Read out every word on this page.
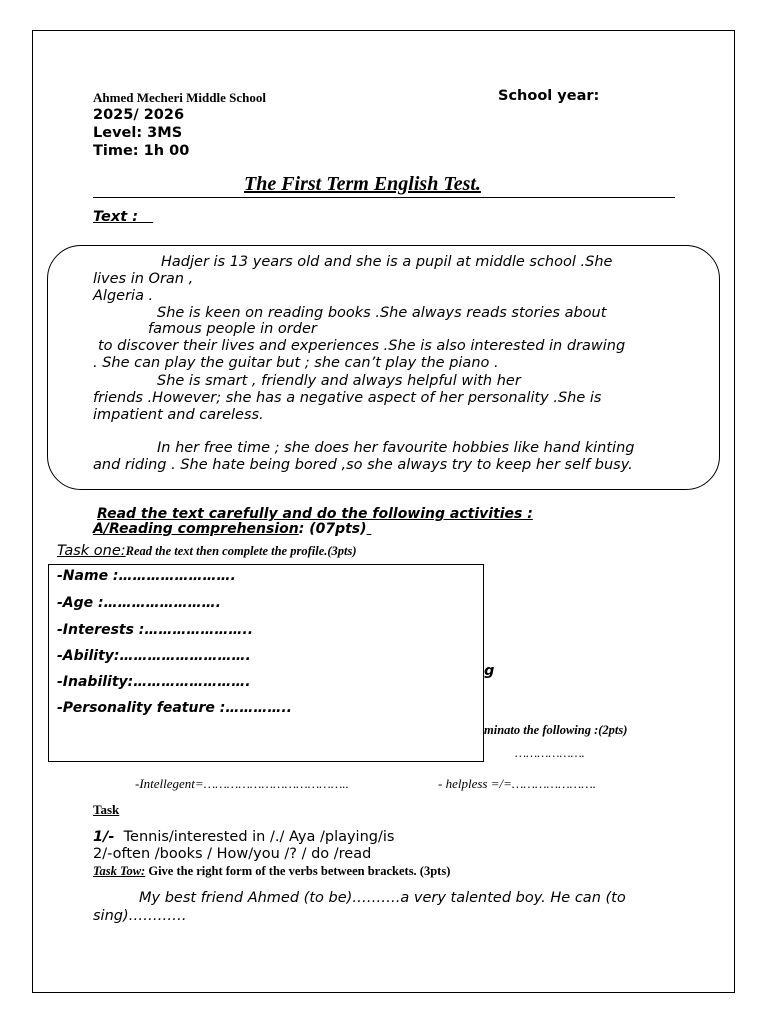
Ahmed Mecheri Middle School	School year:
2025/ 2026
Level: 3MS
Time: 1h 00
The First Term English Test.
Text :
Hadjer is 13 years old and she is a pupil at middle school .She
lives in Oran ,
Algeria .
She is keen on reading books .She always reads stories about
famous people in order
to discover their lives and experiences .She is also interested in drawing
. She can play the guitar but ; she can’t play the piano .
She is smart , friendly and always helpful with her
friends .However; she has a negative aspect of her personality .She is
impatient and careless.
In her free time ; she does her favourite hobbies like hand kinting
and riding . She hate being bored ,so she always try to keep her self busy.
Read the text carefully and do the following activities :
A/Reading comprehension: (07pts)
Task one:Read the text then complete the profile.(3pts)
g
minato the following :(2pts)
……………….
-Name :…………………….
-Age :…………………….
-Interests :…………………..
-Ability:……………………….
-Inability:…………………….
-Personality feature :…………..
-Intellegent=………………………………..	- helpless =/=………………….
Task
1/- Tennis/interested in /./ Aya /playing/is
2/-often /books / How/you /? / do /read
Task Tow: Give the right form of the verbs between brackets. (3pts)
My best friend Ahmed (to be)……….a very talented boy. He can (to
sing)…………
